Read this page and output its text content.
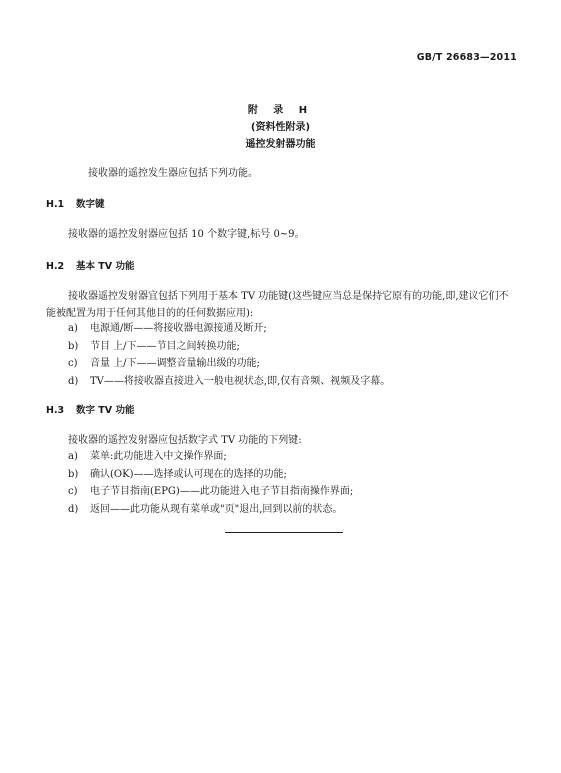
GB/T 26683—2011
附 录 H
(资料性附录)
遥控发射器功能
接收器的遥控发生器应包括下列功能。
H.1 数字键
接收器的遥控发射器应包括 10 个数字键,标号 0~9。
H.2 基本 TV 功能
接收器遥控发射器宜包括下列用于基本 TV 功能键(这些键应当总是保持它原有的功能,即,建议它们不能被配置为用于任何其他目的的任何数据应用):
a) 电源通/断——将接收器电源接通及断开;
b) 节目 上/下——节目之间转换功能;
c) 音量 上/下——调整音量输出级的功能;
d) TV——将接收器直接进入一般电视状态,即,仅有音频、视频及字幕。
H.3 数字 TV 功能
接收器的遥控发射器应包括数字式 TV 功能的下列键:
a) 菜单:此功能进入中文操作界面;
b) 确认(OK)——选择或认可现在的选择的功能;
c) 电子节目指南(EPG)——此功能进入电子节目指南操作界面;
d) 返回——此功能从现有菜单或"页"退出,回到以前的状态。
